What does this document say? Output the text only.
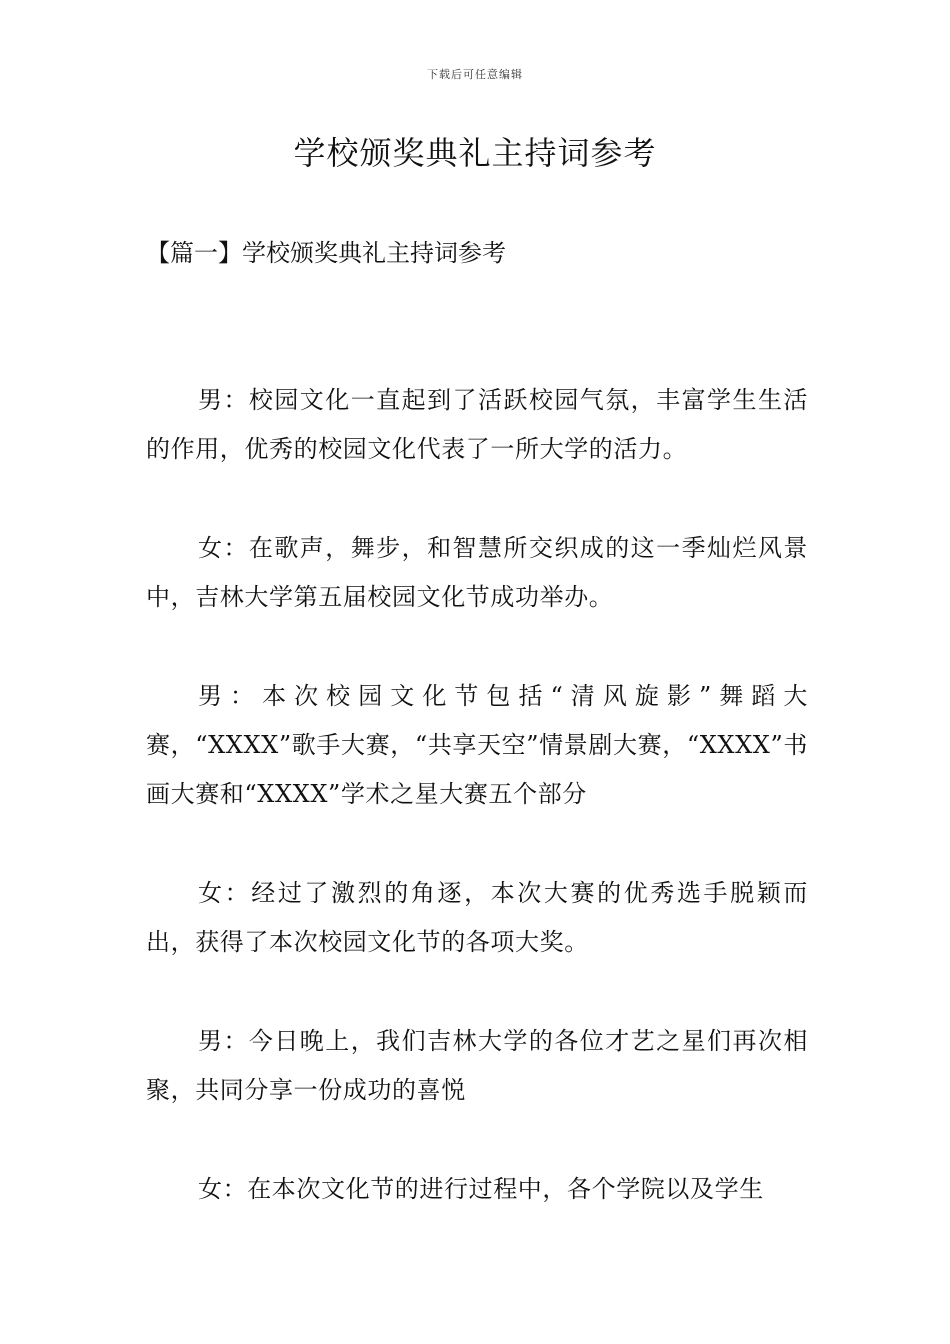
下载后可任意编辑
学校颁奖典礼主持词参考
【篇一】学校颁奖典礼主持词参考

男：校园文化一直起到了活跃校园气氛，丰富学生生活的作用，优秀的校园文化代表了一所大学的活力。

女：在歌声，舞步，和智慧所交织成的这一季灿烂风景中，吉林大学第五届校园文化节成功举办。

男：本次校园文化节包括“清风旋影”舞蹈大赛，“XXXX”歌手大赛，“共享天空”情景剧大赛，“XXXX”书画大赛和“XXXX”学术之星大赛五个部分

女：经过了激烈的角逐，本次大赛的优秀选手脱颖而出，获得了本次校园文化节的各项大奖。

男：今日晚上，我们吉林大学的各位才艺之星们再次相聚，共同分享一份成功的喜悦

女：在本次文化节的进行过程中，各个学院以及学生
